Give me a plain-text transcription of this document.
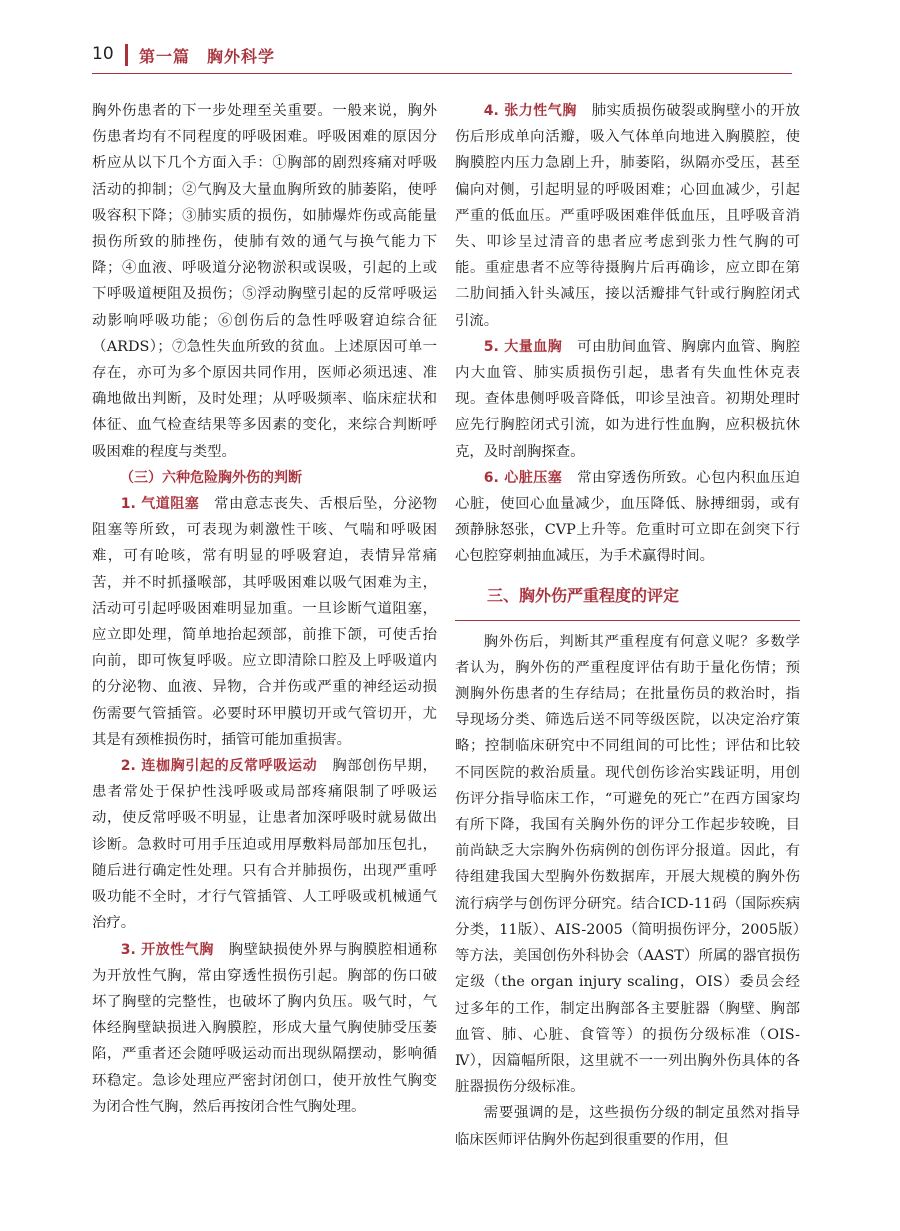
10 第一篇　胸外科学

胸外伤患者的下一步处理至关重要。一般来说，胸外伤患者均有不同程度的呼吸困难。呼吸困难的原因分析应从以下几个方面入手：①胸部的剧烈疼痛对呼吸活动的抑制；②气胸及大量血胸所致的肺萎陷，使呼吸容积下降；③肺实质的损伤，如肺爆炸伤或高能量损伤所致的肺挫伤，使肺有效的通气与换气能力下降；④血液、呼吸道分泌物淤积或误吸，引起的上或下呼吸道梗阻及损伤；⑤浮动胸壁引起的反常呼吸运动影响呼吸功能；⑥创伤后的急性呼吸窘迫综合征（ARDS）；⑦急性失血所致的贫血。上述原因可单一存在，亦可为多个原因共同作用，医师必须迅速、准确地做出判断，及时处理；从呼吸频率、临床症状和体征、血气检查结果等多因素的变化，来综合判断呼吸困难的程度与类型。

（三）六种危险胸外伤的判断

1. 气道阻塞　 常由意志丧失、舌根后坠，分泌物阻塞等所致，可表现为刺激性干咳、气喘和呼吸困难，可有呛咳，常有明显的呼吸窘迫，表情异常痛苦，并不时抓搔喉部，其呼吸困难以吸气困难为主，活动可引起呼吸困难明显加重。一旦诊断气道阻塞，应立即处理，简单地抬起颈部，前推下颌，可使舌抬向前，即可恢复呼吸。应立即清除口腔及上呼吸道内的分泌物、血液、异物，合并伤或严重的神经运动损伤需要气管插管。必要时环甲膜切开或气管切开，尤其是有颈椎损伤时，插管可能加重损害。

2. 连枷胸引起的反常呼吸运动　 胸部创伤早期，患者常处于保护性浅呼吸或局部疼痛限制了呼吸运动，使反常呼吸不明显，让患者加深呼吸时就易做出诊断。急救时可用手压迫或用厚敷料局部加压包扎，随后进行确定性处理。只有合并肺损伤，出现严重呼吸功能不全时，才行气管插管、人工呼吸或机械通气治疗。

3. 开放性气胸　 胸壁缺损使外界与胸膜腔相通称为开放性气胸，常由穿透性损伤引起。胸部的伤口破坏了胸壁的完整性，也破坏了胸内负压。吸气时，气体经胸壁缺损进入胸膜腔，形成大量气胸使肺受压萎陷，严重者还会随呼吸运动而出现纵隔摆动，影响循环稳定。急诊处理应严密封闭创口，使开放性气胸变为闭合性气胸，然后再按闭合性气胸处理。

4. 张力性气胸　 肺实质损伤破裂或胸壁小的开放伤后形成单向活瓣，吸入气体单向地进入胸膜腔，使胸膜腔内压力急剧上升，肺萎陷，纵隔亦受压，甚至偏向对侧，引起明显的呼吸困难；心回血减少，引起严重的低血压。严重呼吸困难伴低血压，且呼吸音消失、叩诊呈过清音的患者应考虑到张力性气胸的可能。重症患者不应等待摄胸片后再确诊，应立即在第二肋间插入针头减压，接以活瓣排气针或行胸腔闭式引流。

5. 大量血胸　 可由肋间血管、胸廓内血管、胸腔内大血管、肺实质损伤引起，患者有失血性休克表现。查体患侧呼吸音降低，叩诊呈浊音。初期处理时应先行胸腔闭式引流，如为进行性血胸，应积极抗休克，及时剖胸探查。

6. 心脏压塞　 常由穿透伤所致。心包内积血压迫心脏，使回心血量减少，血压降低、脉搏细弱，或有颈静脉怒张，CVP上升等。危重时可立即在剑突下行心包腔穿刺抽血减压，为手术赢得时间。

三、胸外伤严重程度的评定

胸外伤后，判断其严重程度有何意义呢？多数学者认为，胸外伤的严重程度评估有助于量化伤情；预测胸外伤患者的生存结局；在批量伤员的救治时，指导现场分类、筛选后送不同等级医院，以决定治疗策略；控制临床研究中不同组间的可比性；评估和比较不同医院的救治质量。现代创伤诊治实践证明，用创伤评分指导临床工作，“可避免的死亡”在西方国家均有所下降，我国有关胸外伤的评分工作起步较晚，目前尚缺乏大宗胸外伤病例的创伤评分报道。因此，有待组建我国大型胸外伤数据库，开展大规模的胸外伤流行病学与创伤评分研究。结合ICD-11码（国际疾病分类，11版）、AIS-2005（简明损伤评分，2005版）等方法，美国创伤外科协会（AAST）所属的器官损伤定级（the organ injury scaling，OIS）委员会经过多年的工作，制定出胸部各主要脏器（胸壁、胸部血管、肺、心脏、食管等）的损伤分级标准（OIS-Ⅳ），因篇幅所限，这里就不一一列出胸外伤具体的各脏器损伤分级标准。

需要强调的是，这些损伤分级的制定虽然对指导临床医师评估胸外伤起到很重要的作用，但
